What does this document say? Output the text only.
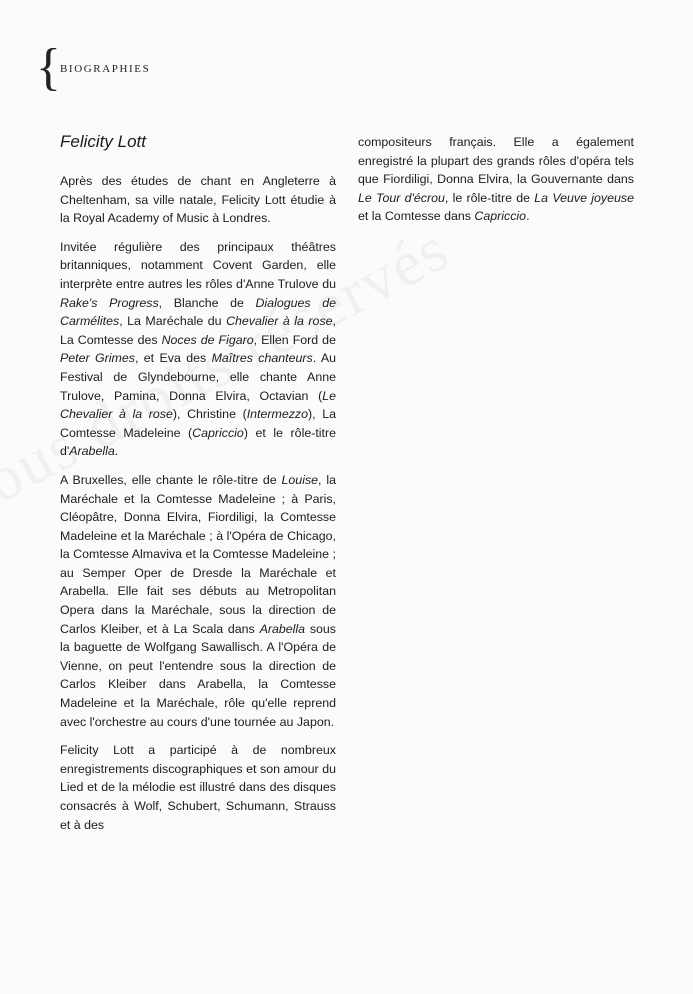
{ BIOGRAPHIES
Felicity Lott

Après des études de chant en Angleterre à Cheltenham, sa ville natale, Felicity Lott étudie à la Royal Academy of Music à Londres.

Invitée régulière des principaux théâtres britanniques, notamment Covent Garden, elle interprète entre autres les rôles d'Anne Trulove du Rake's Progress, Blanche de Dialogues de Carmélites, La Maréchale du Chevalier à la rose, La Comtesse des Noces de Figaro, Ellen Ford de Peter Grimes, et Eva des Maîtres chanteurs. Au Festival de Glyndebourne, elle chante Anne Trulove, Pamina, Donna Elvira, Octavian (Le Chevalier à la rose), Christine (Intermezzo), La Comtesse Madeleine (Capriccio) et le rôle-titre d'Arabella.

A Bruxelles, elle chante le rôle-titre de Louise, la Maréchale et la Comtesse Madeleine ; à Paris, Cléopâtre, Donna Elvira, Fiordiligi, la Comtesse Madeleine et la Maréchale ; à l'Opéra de Chicago, la Comtesse Almaviva et la Comtesse Madeleine ; au Semper Oper de Dresde la Maréchale et Arabella. Elle fait ses débuts au Metropolitan Opera dans la Maréchale, sous la direction de Carlos Kleiber, et à La Scala dans Arabella sous la baguette de Wolfgang Sawallisch. A l'Opéra de Vienne, on peut l'entendre sous la direction de Carlos Kleiber dans Arabella, la Comtesse Madeleine et la Maréchale, rôle qu'elle reprend avec l'orchestre au cours d'une tournée au Japon.

Felicity Lott a participé à de nombreux enregistrements discographiques et son amour du Lied et de la mélodie est illustré dans des disques consacrés à Wolf, Schubert, Schumann, Strauss et à des

compositeurs français. Elle a également enregistré la plupart des grands rôles d'opéra tels que Fiordiligi, Donna Elvira, la Gouvernante dans Le Tour d'écrou, le rôle-titre de La Veuve joyeuse et la Comtesse dans Capriccio.
